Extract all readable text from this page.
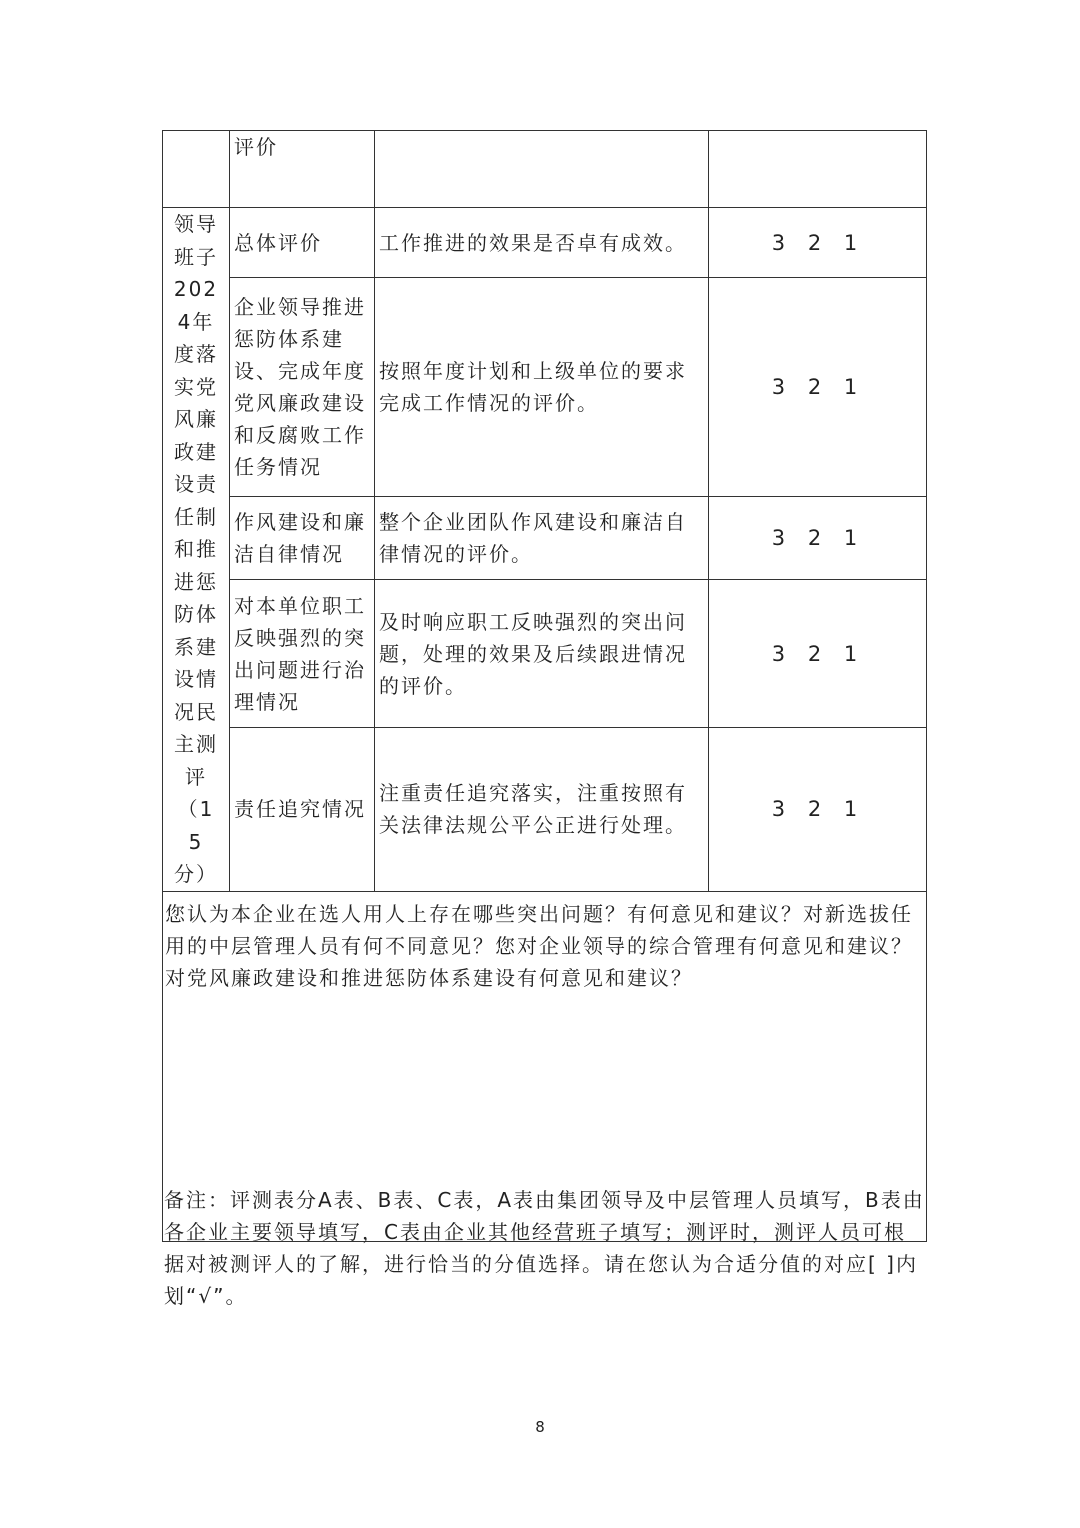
	评价		
领导班子2024年度落实党风廉政建设责任制和推进惩防体系建设情况民主测评（15分）	总体评价	工作推进的效果是否卓有成效。	3 2 1
	企业领导推进惩防体系建设、完成年度党风廉政建设和反腐败工作任务情况	按照年度计划和上级单位的要求完成工作情况的评价。	3 2 1
	作风建设和廉洁自律情况	整个企业团队作风建设和廉洁自律情况的评价。	3 2 1
	对本单位职工反映强烈的突出问题进行治理情况	及时响应职工反映强烈的突出问题，处理的效果及后续跟进情况的评价。	3 2 1
	责任追究情况	注重责任追究落实，注重按照有关法律法规公平公正进行处理。	3 2 1
您认为本企业在选人用人上存在哪些突出问题？有何意见和建议？对新选拔任用的中层管理人员有何不同意见？您对企业领导的综合管理有何意见和建议？对党风廉政建设和推进惩防体系建设有何意见和建议？			
备注：评测表分A表、B表、C表，A表由集团领导及中层管理人员填写，B表由各企业主要领导填写，C表由企业其他经营班子填写；测评时，测评人员可根据对被测评人的了解，进行恰当的分值选择。请在您认为合适分值的对应[ ]内划“√”。
8
